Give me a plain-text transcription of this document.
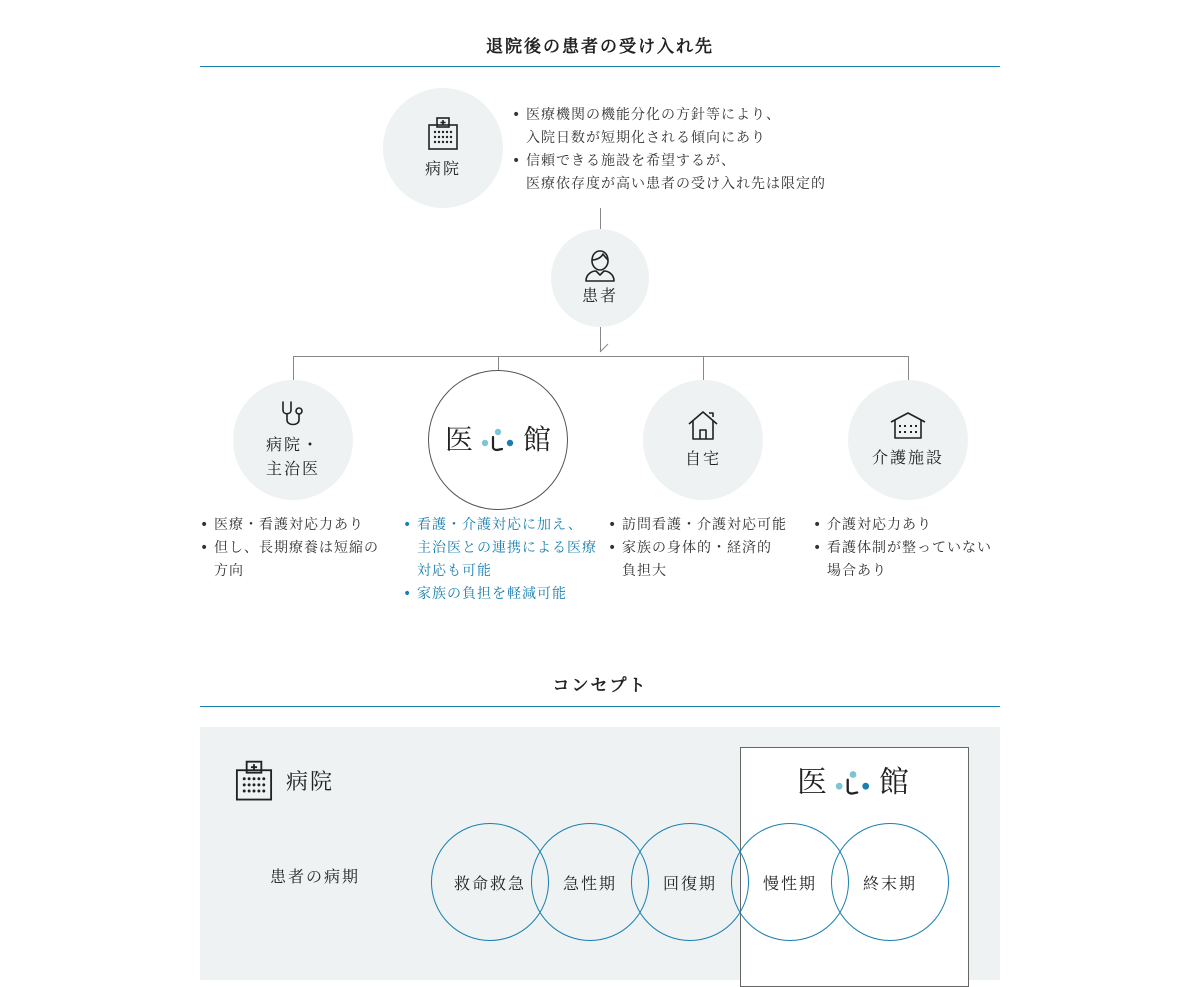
退院後の患者の受け入れ先
病院
• 医療機関の機能分化の方針等により、
入院日数が短期化される傾向にあり
• 信頼できる施設を希望するが、
医療依存度が高い患者の受け入れ先は限定的
患者
病院・
主治医
医 館
自宅	介護施設
• 医療・看護対応力あり
• 但し、長期療養は短縮の
方向
• 看護・介護対応に加え、
主治医との連携による医療
対応も可能
• 家族の負担を軽減可能
• 訪問看護・介護対応可能
• 家族の身体的・経済的
負担大
• 介護対応力あり
• 看護体制が整っていない
場合あり
コンセプト
病院	医 館
患者の病期	救命救急 急性期	回復期	慢性期	終末期
